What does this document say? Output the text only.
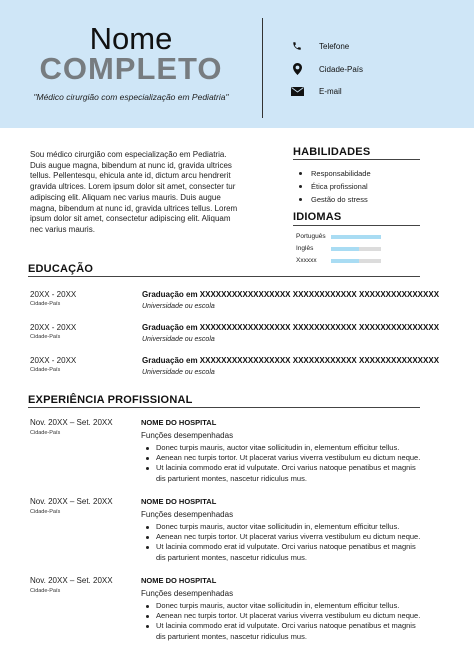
Nome
COMPLETO
"Médico cirurgião com especialização em Pediatria"
Telefone
Cidade-País
E-mail
Sou médico cirurgião com especialização em Pediatria. Duis augue magna, bibendum at nunc id, gravida ultrices tellus. Pellentesqu, ehicula ante id, dictum arcu hendrerit gravida ultrices. Lorem ipsum dolor sit amet, consecter tur adipiscing elit. Aliquam nec varius mauris. Duis augue magna, bibendum at nunc id, gravida ultrices tellus. Lorem ipsum dolor sit amet, consectetur adipiscing elit. Aliquam nec varius mauris.
HABILIDADES
Responsabilidade
Ética profissional
Gestão do stress
IDIOMAS
Português
Inglês
Xxxxxx
EDUCAÇÃO
20XX - 20XX
Cidade-País
Graduação em XXXXXXXXXXXXXXXXX XXXXXXXXXXXX XXXXXXXXXXXXXXX
Universidade ou escola
20XX - 20XX
Cidade-País
Graduação em XXXXXXXXXXXXXXXXX XXXXXXXXXXXX XXXXXXXXXXXXXXX
Universidade ou escola
20XX - 20XX
Cidade-País
Graduação em XXXXXXXXXXXXXXXXX XXXXXXXXXXXX XXXXXXXXXXXXXXX
Universidade ou escola
EXPERIÊNCIA PROFISSIONAL
Nov. 20XX – Set. 20XX
Cidade-País
NOME DO HOSPITAL
Funções desempenhadas
Donec turpis mauris, auctor vitae sollicitudin in, elementum efficitur tellus.
Aenean nec turpis tortor. Ut placerat varius viverra vestibulum eu dictum neque.
Ut lacinia commodo erat id vulputate. Orci varius natoque penatibus et magnis dis parturient montes, nascetur ridiculus mus.
Nov. 20XX – Set. 20XX
Cidade-País
NOME DO HOSPITAL
Funções desempenhadas
Donec turpis mauris, auctor vitae sollicitudin in, elementum efficitur tellus.
Aenean nec turpis tortor. Ut placerat varius viverra vestibulum eu dictum neque.
Ut lacinia commodo erat id vulputate. Orci varius natoque penatibus et magnis dis parturient montes, nascetur ridiculus mus.
Nov. 20XX – Set. 20XX
Cidade-País
NOME DO HOSPITAL
Funções desempenhadas
Donec turpis mauris, auctor vitae sollicitudin in, elementum efficitur tellus.
Aenean nec turpis tortor. Ut placerat varius viverra vestibulum eu dictum neque.
Ut lacinia commodo erat id vulputate. Orci varius natoque penatibus et magnis dis parturient montes, nascetur ridiculus mus.
